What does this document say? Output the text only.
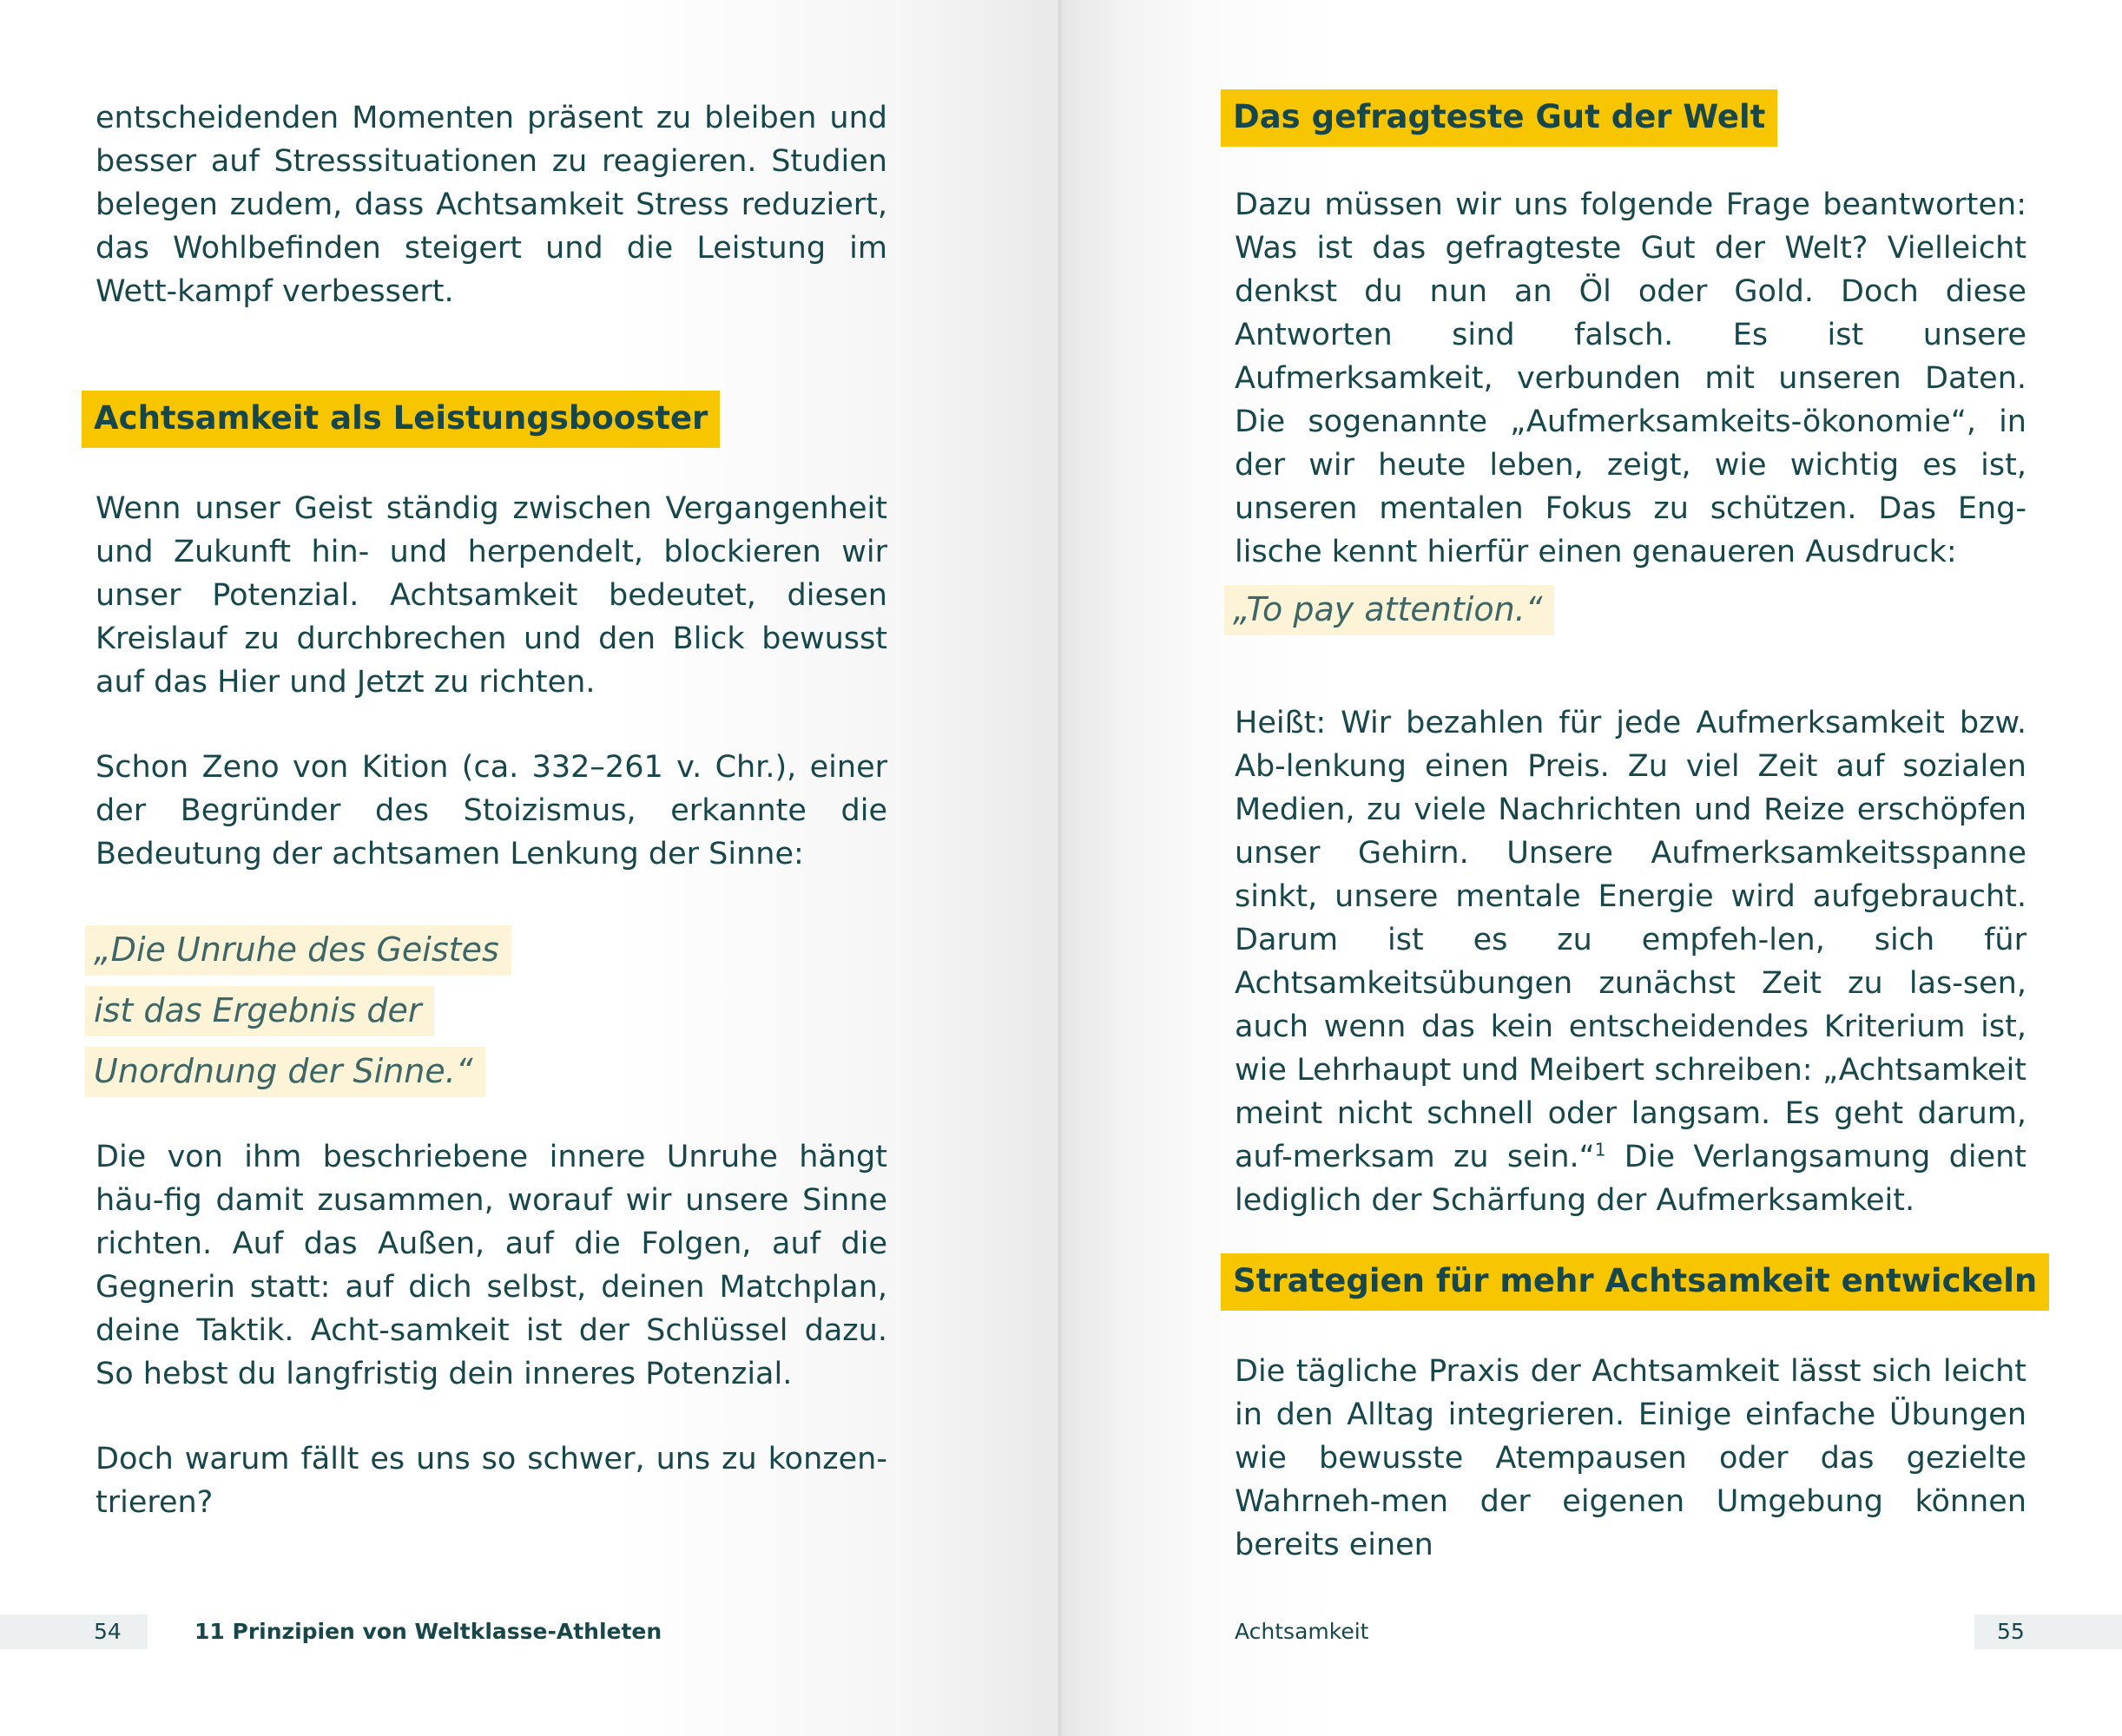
entscheidenden Momenten präsent zu bleiben und besser auf Stresssituationen zu reagieren. Studien belegen zudem, dass Achtsamkeit Stress reduziert, das Wohlbefinden steigert und die Leistung im Wett-kampf verbessert.

Achtsamkeit als Leistungsbooster

Wenn unser Geist ständig zwischen Vergangenheit und Zukunft hin- und herpendelt, blockieren wir unser Potenzial. Achtsamkeit bedeutet, diesen Kreislauf zu durchbrechen und den Blick bewusst auf das Hier und Jetzt zu richten.

Schon Zeno von Kition (ca. 332–261 v. Chr.), einer der Begründer des Stoizismus, erkannte die Bedeutung der achtsamen Lenkung der Sinne:

„Die Unruhe des Geistes
ist das Ergebnis der
Unordnung der Sinne.“

Die von ihm beschriebene innere Unruhe hängt häu-fig damit zusammen, worauf wir unsere Sinne richten. Auf das Außen, auf die Folgen, auf die Gegnerin statt: auf dich selbst, deinen Matchplan, deine Taktik. Acht-samkeit ist der Schlüssel dazu. So hebst du langfristig dein inneres Potenzial.

Doch warum fällt es uns so schwer, uns zu konzen-trieren?

54	11 Prinzipien von Weltklasse-Athleten
Das gefragteste Gut der Welt

Dazu müssen wir uns folgende Frage beantworten: Was ist das gefragteste Gut der Welt? Vielleicht denkst du nun an Öl oder Gold. Doch diese Antworten sind falsch. Es ist unsere Aufmerksamkeit, verbunden mit unseren Daten. Die sogenannte „Aufmerksamkeits-ökonomie“, in der wir heute leben, zeigt, wie wichtig es ist, unseren mentalen Fokus zu schützen. Das Eng-lische kennt hierfür einen genaueren Ausdruck:

„To pay attention.“

Heißt: Wir bezahlen für jede Aufmerksamkeit bzw. Ab-lenkung einen Preis. Zu viel Zeit auf sozialen Medien, zu viele Nachrichten und Reize erschöpfen unser Gehirn. Unsere Aufmerksamkeitsspanne sinkt, unsere mentale Energie wird aufgebraucht. Darum ist es zu empfeh-len, sich für Achtsamkeitsübungen zunächst Zeit zu las-sen, auch wenn das kein entscheidendes Kriterium ist, wie Lehrhaupt und Meibert schreiben: „Achtsamkeit meint nicht schnell oder langsam. Es geht darum, auf-merksam zu sein.“$^1$ Die Verlangsamung dient lediglich der Schärfung der Aufmerksamkeit.

Strategien für mehr Achtsamkeit entwickeln

Die tägliche Praxis der Achtsamkeit lässt sich leicht in den Alltag integrieren. Einige einfache Übungen wie bewusste Atempausen oder das gezielte Wahrneh-men der eigenen Umgebung können bereits einen

Achtsamkeit	55
